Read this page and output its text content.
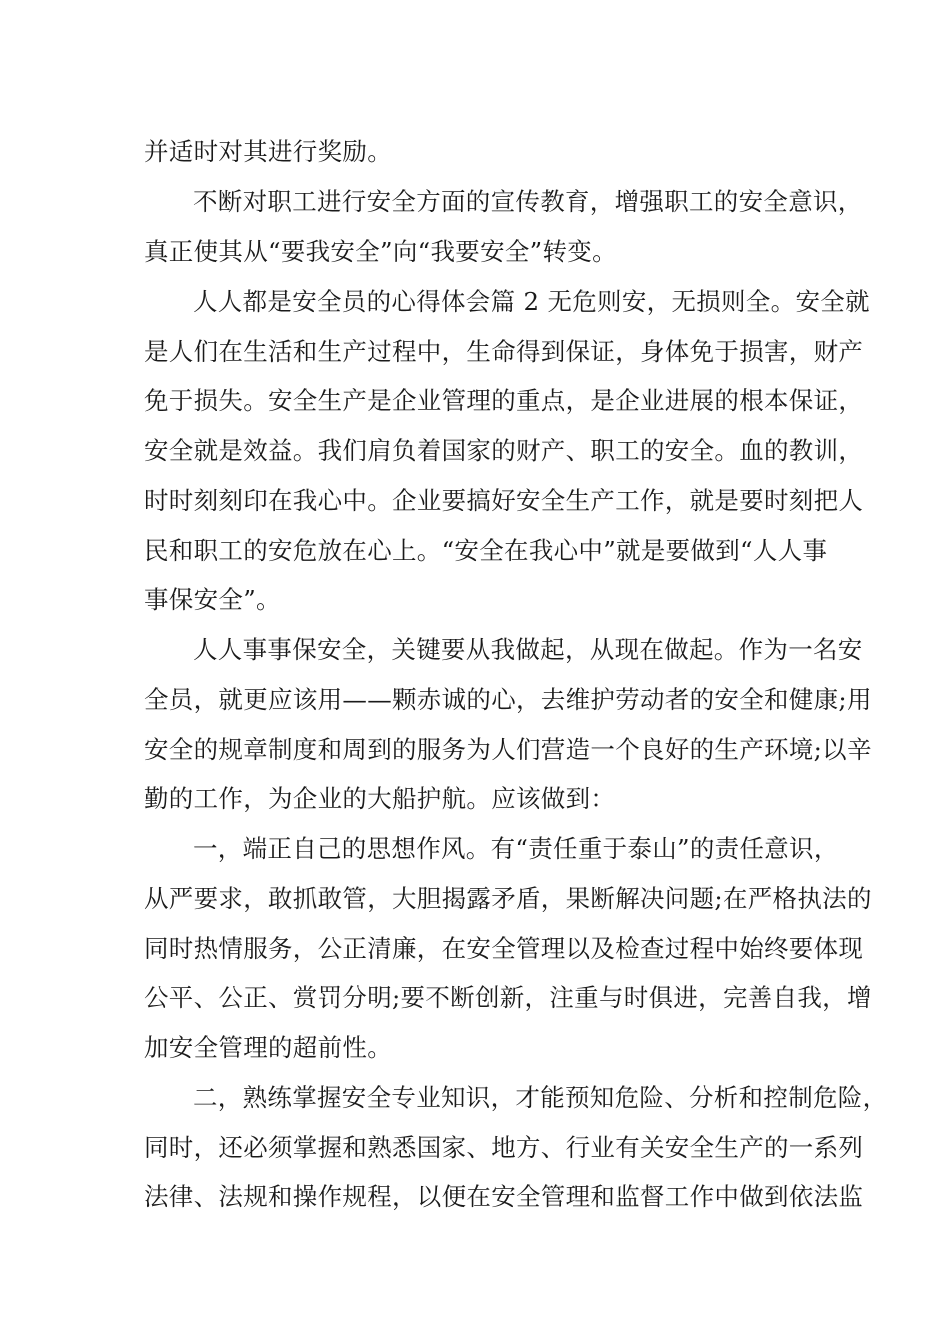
并适时对其进行奖励。
不断对职工进行安全方面的宣传教育，增强职工的安全意识，
真正使其从“要我安全”向“我要安全”转变。
人人都是安全员的心得体会篇 2 无危则安，无损则全。安全就
是人们在生活和生产过程中，生命得到保证，身体免于损害，财产
免于损失。安全生产是企业管理的重点，是企业进展的根本保证，
安全就是效益。我们肩负着国家的财产、职工的安全。血的教训，
时时刻刻印在我心中。企业要搞好安全生产工作，就是要时刻把人
民和职工的安危放在心上。“安全在我心中”就是要做到“人人事
事保安全”。
人人事事保安全，关键要从我做起，从现在做起。作为一名安
全员，就更应该用——颗赤诚的心，去维护劳动者的安全和健康;用
安全的规章制度和周到的服务为人们营造一个良好的生产环境;以辛
勤的工作，为企业的大船护航。应该做到：
一，端正自己的思想作风。有“责任重于泰山”的责任意识，
从严要求，敢抓敢管，大胆揭露矛盾，果断解决问题;在严格执法的
同时热情服务，公正清廉，在安全管理以及检查过程中始终要体现
公平、公正、赏罚分明;要不断创新，注重与时俱进，完善自我，增
加安全管理的超前性。
二，熟练掌握安全专业知识，才能预知危险、分析和控制危险，
同时，还必须掌握和熟悉国家、地方、行业有关安全生产的一系列
法律、法规和操作规程，以便在安全管理和监督工作中做到依法监
